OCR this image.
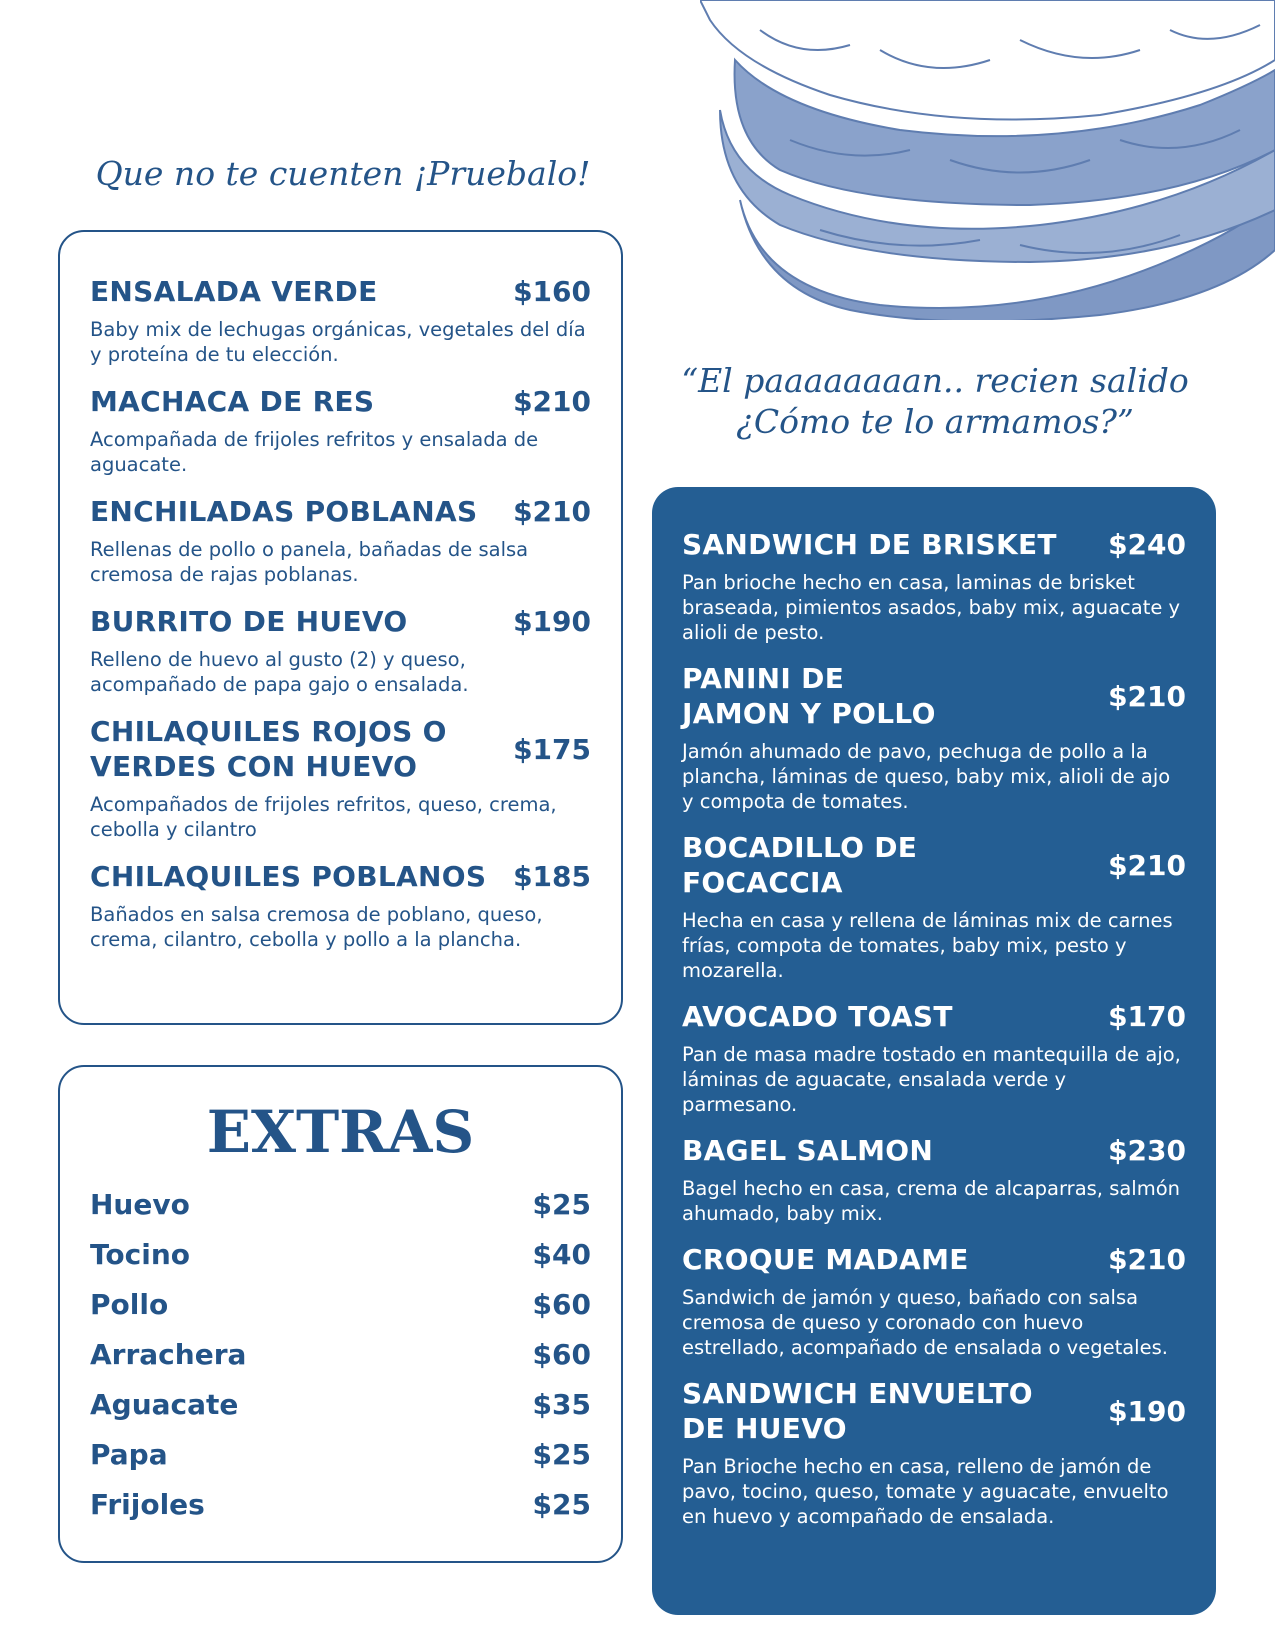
Que no te cuenten ¡Pruebalo!

“El paaaaaaaan.. recien salido
¿Cómo te lo armamos?”

ENSALADA VERDE	$160
Baby mix de lechugas orgánicas, vegetales del día y proteína de tu elección.
MACHACA DE RES	$210
Acompañada de frijoles refritos y ensalada de aguacate.
ENCHILADAS POBLANAS $210
Rellenas de pollo o panela, bañadas de salsa cremosa de rajas poblanas.
BURRITO DE HUEVO	$190
Relleno de huevo al gusto (2) y queso, acompañado de papa gajo o ensalada.
CHILAQUILES ROJOS O
VERDES CON HUEVO
$175
Acompañados de frijoles refritos, queso, crema, cebolla y cilantro
CHILAQUILES POBLANOS $185
Bañados en salsa cremosa de poblano, queso, crema, cilantro, cebolla y pollo a la plancha.
EXTRAS
Huevo	$25
Tocino	$40
Pollo	$60
Arrachera	$60
Aguacate	$35
Papa	$25
Frijoles	$25
SANDWICH DE BRISKET $240
Pan brioche hecho en casa, laminas de brisket braseada, pimientos asados, baby mix, aguacate y alioli de pesto.
PANINI DE
JAMON Y POLLO
$210
Jamón ahumado de pavo, pechuga de pollo a la plancha, láminas de queso, baby mix, alioli de ajo y compota de tomates.
BOCADILLO DE FOCACCIA
$210
Hecha en casa y rellena de láminas mix de carnes frías, compota de tomates, baby mix, pesto y mozarella.
AVOCADO TOAST	$170
Pan de masa madre tostado en mantequilla de ajo, láminas de aguacate, ensalada verde y parmesano.
BAGEL SALMON	$230
Bagel hecho en casa, crema de alcaparras, salmón ahumado, baby mix.
CROQUE MADAME	$210
Sandwich de jamón y queso, bañado con salsa cremosa de queso y coronado con huevo estrellado, acompañado de ensalada o vegetales.
SANDWICH ENVUELTO
DE HUEVO
$190
Pan Brioche hecho en casa, relleno de jamón de pavo, tocino, queso, tomate y aguacate, envuelto en huevo y acompañado de ensalada.
